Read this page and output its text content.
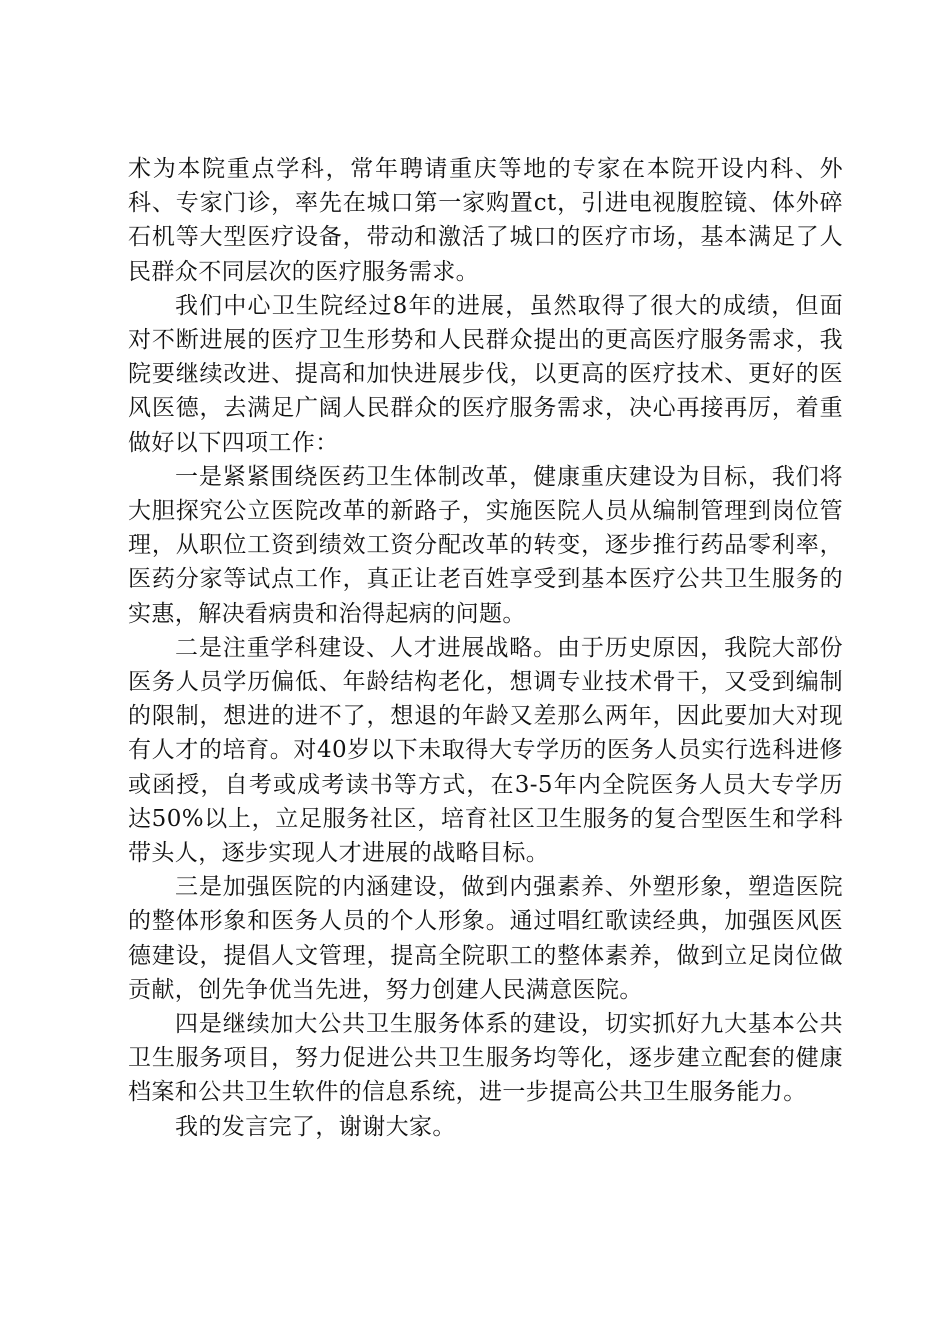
术为本院重点学科，常年聘请重庆等地的专家在本院开设内科、外科、专家门诊，率先在城口第一家购置ct，引进电视腹腔镜、体外碎石机等大型医疗设备，带动和激活了城口的医疗市场，基本满足了人民群众不同层次的医疗服务需求。

我们中心卫生院经过8年的进展，虽然取得了很大的成绩，但面对不断进展的医疗卫生形势和人民群众提出的更高医疗服务需求，我院要继续改进、提高和加快进展步伐，以更高的医疗技术、更好的医风医德，去满足广阔人民群众的医疗服务需求，决心再接再厉，着重做好以下四项工作：

一是紧紧围绕医药卫生体制改革，健康重庆建设为目标，我们将大胆探究公立医院改革的新路子，实施医院人员从编制管理到岗位管理，从职位工资到绩效工资分配改革的转变，逐步推行药品零利率，医药分家等试点工作，真正让老百姓享受到基本医疗公共卫生服务的实惠，解决看病贵和治得起病的问题。

二是注重学科建设、人才进展战略。由于历史原因，我院大部份医务人员学历偏低、年龄结构老化，想调专业技术骨干，又受到编制的限制，想进的进不了，想退的年龄又差那么两年，因此要加大对现有人才的培育。对40岁以下未取得大专学历的医务人员实行选科进修或函授，自考或成考读书等方式，在3-5年内全院医务人员大专学历达50%以上，立足服务社区，培育社区卫生服务的复合型医生和学科带头人，逐步实现人才进展的战略目标。

三是加强医院的内涵建设，做到内强素养、外塑形象，塑造医院的整体形象和医务人员的个人形象。通过唱红歌读经典，加强医风医德建设，提倡人文管理，提高全院职工的整体素养，做到立足岗位做贡献，创先争优当先进，努力创建人民满意医院。

四是继续加大公共卫生服务体系的建设，切实抓好九大基本公共卫生服务项目，努力促进公共卫生服务均等化，逐步建立配套的健康档案和公共卫生软件的信息系统，进一步提高公共卫生服务能力。

我的发言完了，谢谢大家。
